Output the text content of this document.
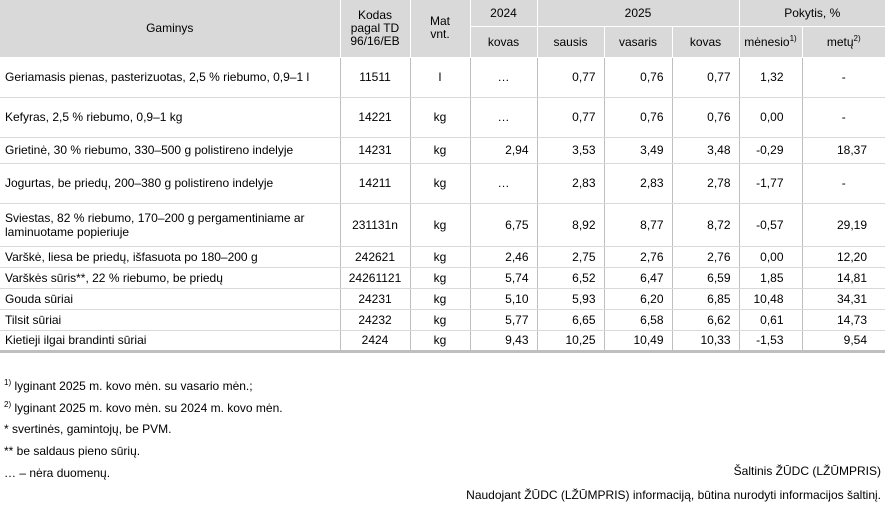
Gaminys	Kodas pagal TD 96/16/EB	Mat vnt.	2024	2025			Pokytis, %	
			kovas	sausis	vasaris	kovas	mėnesio$^{1)}$	metų$^{2)}$
Geriamasis pienas, pasterizuotas, 2,5 % riebumo, 0,9–1 l	11511	l	…	0,77	0,76	0,77	1,32	-
Kefyras, 2,5 % riebumo, 0,9–1 kg	14221	kg	…	0,77	0,76	0,76	0,00	-
Grietinė, 30 % riebumo, 330–500 g polistireno indelyje	14231	kg	2,94	3,53	3,49	3,48	-0,29	18,37
Jogurtas, be priedų, 200–380 g polistireno indelyje	14211	kg	…	2,83	2,83	2,78	-1,77	-
Sviestas, 82 % riebumo, 170–200 g pergamentiniame ar laminuotame popieriuje	231131n	kg	6,75	8,92	8,77	8,72	-0,57	29,19
Varškė, liesa be priedų, išfasuota po 180–200 g	242621	kg	2,46	2,75	2,76	2,76	0,00	12,20
Varškės sūris**, 22 % riebumo, be priedų	24261121	kg	5,74	6,52	6,47	6,59	1,85	14,81
Gouda sūriai	24231	kg	5,10	5,93	6,20	6,85	10,48	34,31
Tilsit sūriai	24232	kg	5,77	6,65	6,58	6,62	0,61	14,73
Kietieji ilgai brandinti sūriai	2424	kg	9,43	10,25	10,49	10,33	-1,53	9,54
$^{1)}$ lyginant 2025 m. kovo mėn. su vasario mėn.;
$^{2)}$ lyginant 2025 m. kovo mėn. su 2024 m. kovo mėn.
* svertinės, gamintojų, be PVM.
** be saldaus pieno sūrių.
… – nėra duomenų.	Šaltinis ŽŪDC (LŽŪMPRIS)
Naudojant ŽŪDC (LŽŪMPRIS) informaciją, būtina nurodyti informacijos šaltinį.
